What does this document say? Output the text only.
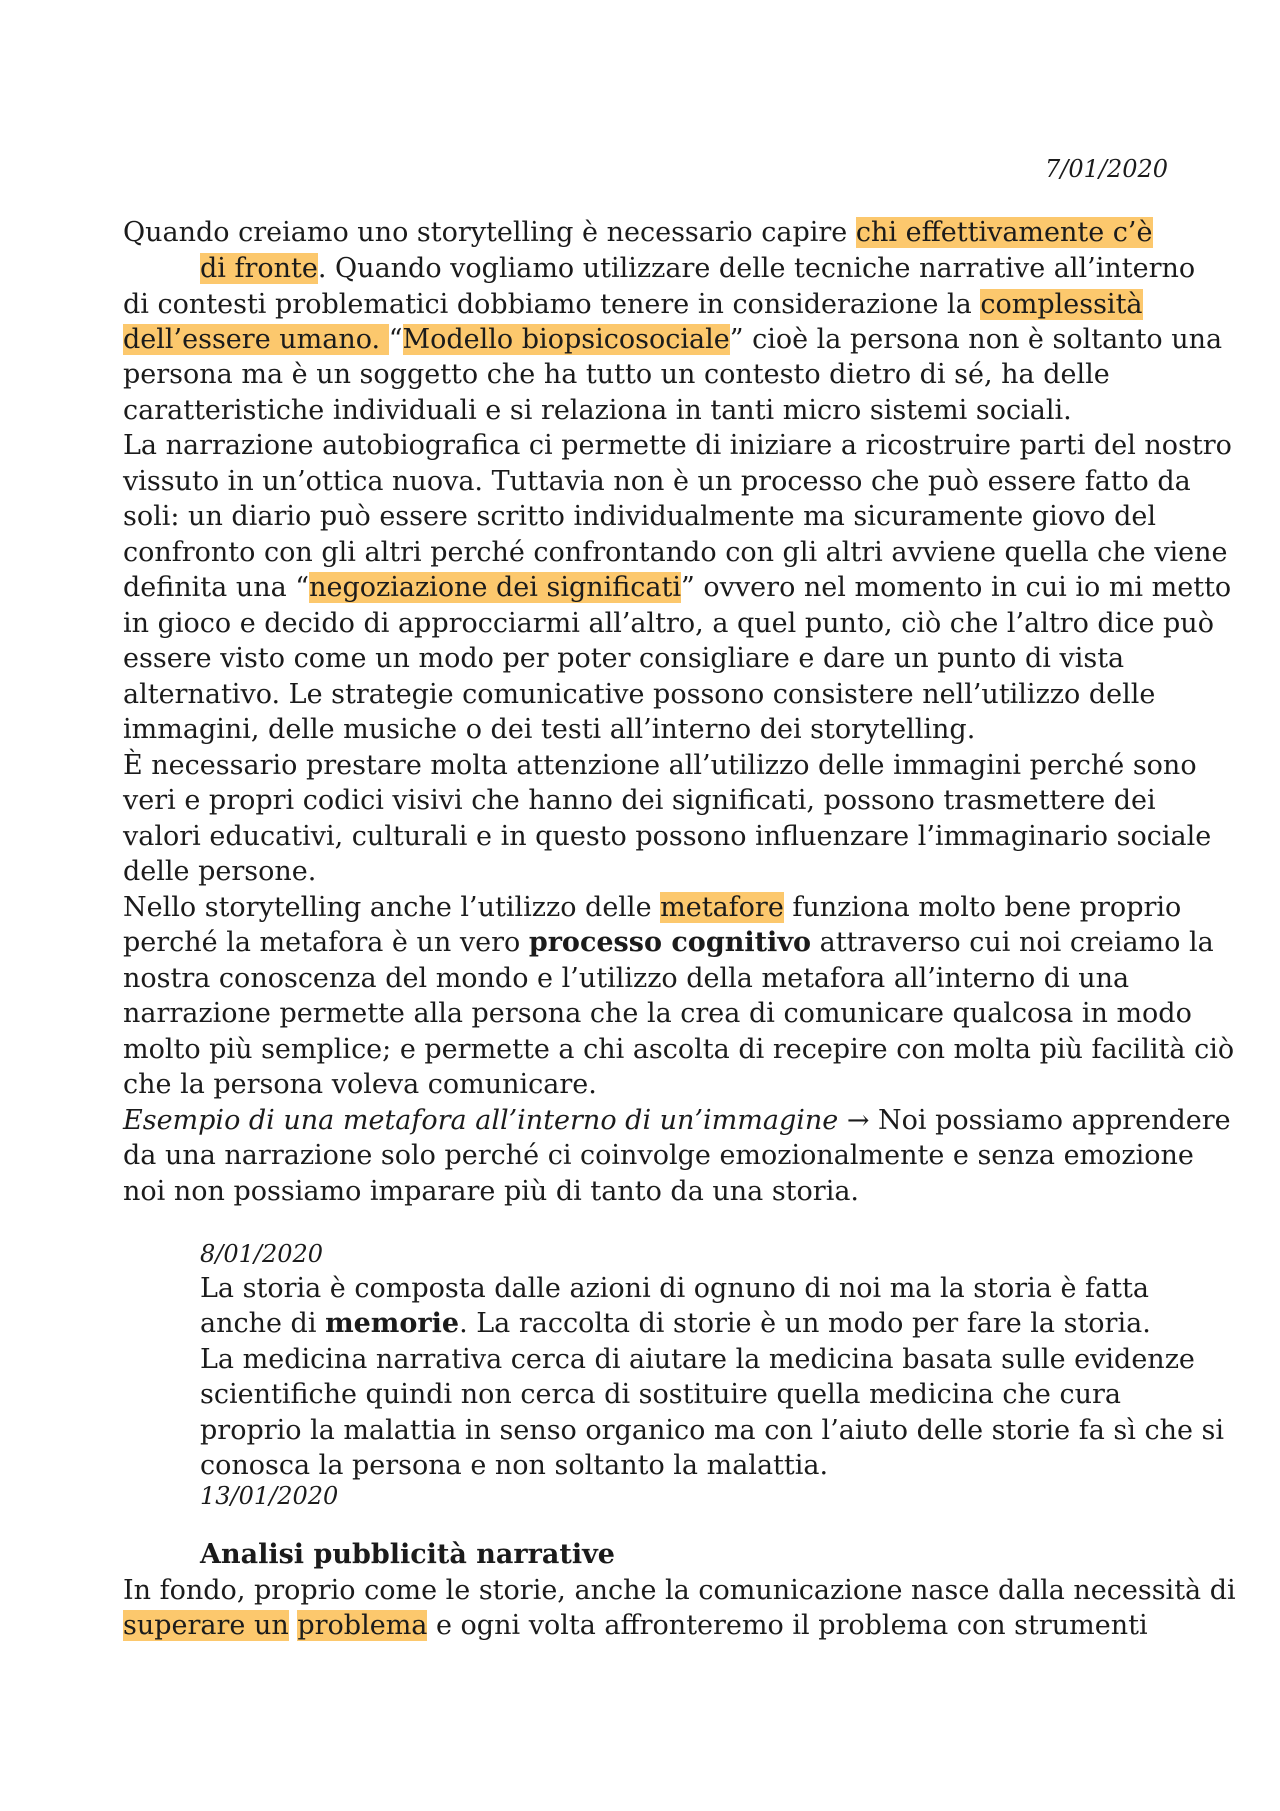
7/01/2020
Quando creiamo uno storytelling è necessario capire chi effettivamente c’è
di fronte. Quando vogliamo utilizzare delle tecniche narrative all’interno
di contesti problematici dobbiamo tenere in considerazione la complessità
dell’essere umano. “Modello biopsicosociale” cioè la persona non è soltanto una
persona ma è un soggetto che ha tutto un contesto dietro di sé, ha delle
caratteristiche individuali e si relaziona in tanti micro sistemi sociali.
La narrazione autobiografica ci permette di iniziare a ricostruire parti del nostro
vissuto in un’ottica nuova. Tuttavia non è un processo che può essere fatto da
soli: un diario può essere scritto individualmente ma sicuramente giovo del
confronto con gli altri perché confrontando con gli altri avviene quella che viene
definita una “negoziazione dei significati” ovvero nel momento in cui io mi metto
in gioco e decido di approcciarmi all’altro, a quel punto, ciò che l’altro dice può
essere visto come un modo per poter consigliare e dare un punto di vista
alternativo. Le strategie comunicative possono consistere nell’utilizzo delle
immagini, delle musiche o dei testi all’interno dei storytelling.
È necessario prestare molta attenzione all’utilizzo delle immagini perché sono
veri e propri codici visivi che hanno dei significati, possono trasmettere dei
valori educativi, culturali e in questo possono influenzare l’immaginario sociale
delle persone.
Nello storytelling anche l’utilizzo delle metafore funziona molto bene proprio
perché la metafora è un vero processo cognitivo attraverso cui noi creiamo la
nostra conoscenza del mondo e l’utilizzo della metafora all’interno di una
narrazione permette alla persona che la crea di comunicare qualcosa in modo
molto più semplice; e permette a chi ascolta di recepire con molta più facilità ciò
che la persona voleva comunicare.
Esempio di una metafora all’interno di un’immagine → Noi possiamo apprendere
da una narrazione solo perché ci coinvolge emozionalmente e senza emozione
noi non possiamo imparare più di tanto da una storia.
8/01/2020
La storia è composta dalle azioni di ognuno di noi ma la storia è fatta
anche di memorie. La raccolta di storie è un modo per fare la storia.
La medicina narrativa cerca di aiutare la medicina basata sulle evidenze
scientifiche quindi non cerca di sostituire quella medicina che cura
proprio la malattia in senso organico ma con l’aiuto delle storie fa sì che si
conosca la persona e non soltanto la malattia.
13/01/2020
Analisi pubblicità narrative
In fondo, proprio come le storie, anche la comunicazione nasce dalla necessità di
superare un problema e ogni volta affronteremo il problema con strumenti
